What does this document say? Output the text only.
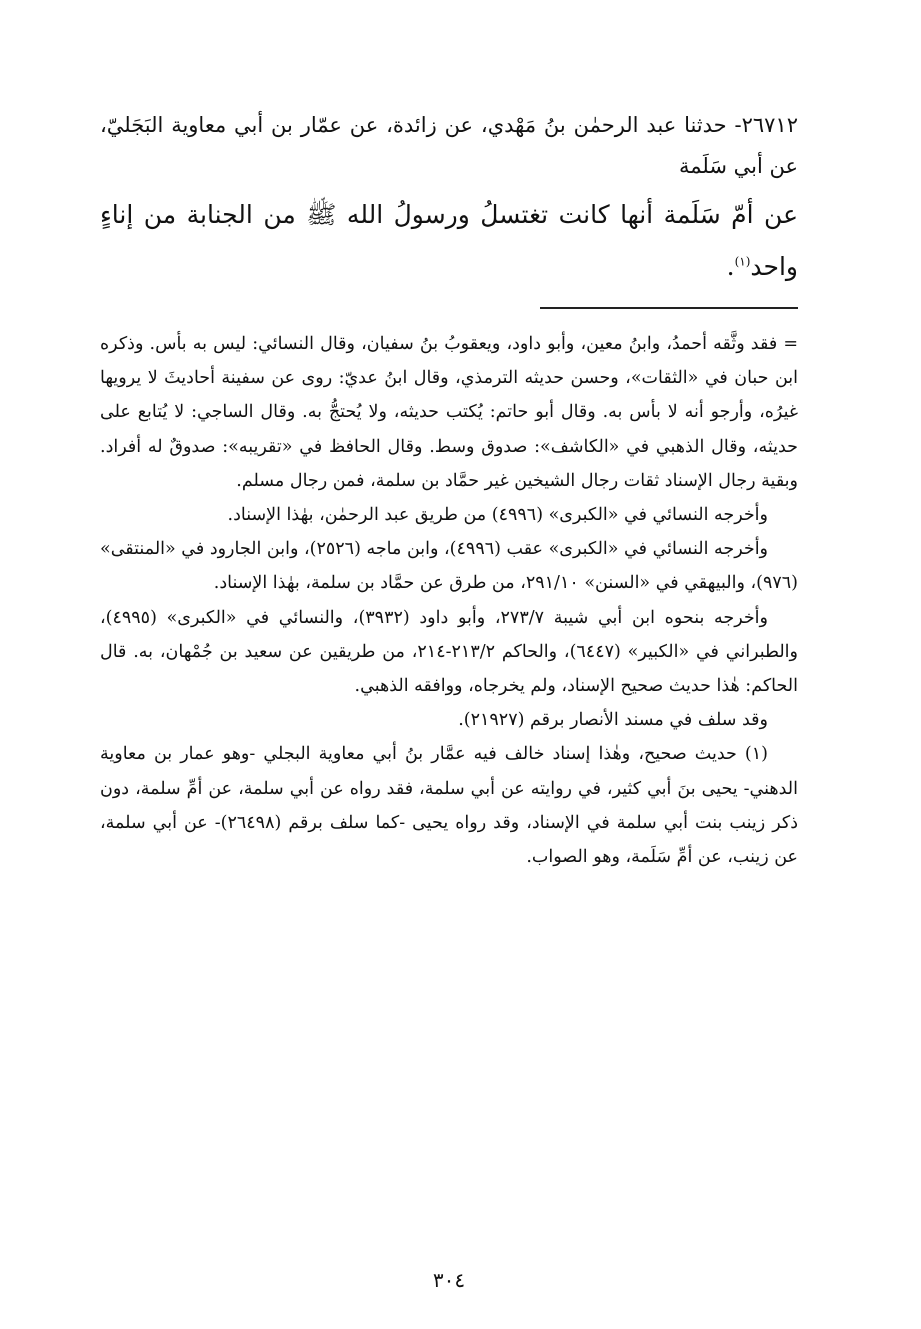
٢٦٧١٢- حدثنا عبد الرحمٰن بنُ مَهْدي، عن زائدة، عن عمّار بن أبي معاوية البَجَليّ، عن أبي سَلَمة

عن أمّ سَلَمة أنها كانت تغتسلُ ورسولُ الله ﷺ من الجنابة من إناءٍ واحد$^{(١)}$.

= فقد وثَّقه أحمدُ، وابنُ معين، وأبو داود، ويعقوبُ بنُ سفيان، وقال النسائي: ليس به بأس. وذكره ابن حبان في «الثقات»، وحسن حديثه الترمذي، وقال ابنُ عديّ: روى عن سفينة أحاديثَ لا يرويها غيرُه، وأرجو أنه لا بأس به. وقال أبو حاتم: يُكتب حديثه، ولا يُحتجُّ به. وقال الساجي: لا يُتابع على حديثه، وقال الذهبي في «الكاشف»: صدوق وسط. وقال الحافظ في «تقريبه»: صدوقٌ له أفراد. وبقية رجال الإسناد ثقات رجال الشيخين غير حمَّاد بن سلمة، فمن رجال مسلم.

وأخرجه النسائي في «الكبرى» (٤٩٩٦) من طريق عبد الرحمٰن، بهٰذا الإسناد.

وأخرجه النسائي في «الكبرى» عقب (٤٩٩٦)، وابن ماجه (٢٥٢٦)، وابن الجارود في «المنتقى» (٩٧٦)، والبيهقي في «السنن» ٢٩١/١٠، من طرق عن حمَّاد بن سلمة، بهٰذا الإسناد.

وأخرجه بنحوه ابن أبي شيبة ٢٧٣/٧، وأبو داود (٣٩٣٢)، والنسائي في «الكبرى» (٤٩٩٥)، والطبراني في «الكبير» (٦٤٤٧)، والحاكم ٢١٣/٢-٢١٤، من طريقين عن سعيد بن جُمْهان، به. قال الحاكم: هٰذا حديث صحيح الإسناد، ولم يخرجاه، ووافقه الذهبي.

وقد سلف في مسند الأنصار برقم (٢١٩٢٧).

(١) حديث صحيح، وهٰذا إسناد خالف فيه عمَّار بنُ أبي معاوية البجلي -وهو عمار بن معاوية الدهني- يحيى بنَ أبي كثير، في روايته عن أبي سلمة، فقد رواه عن أبي سلمة، عن أمِّ سلمة، دون ذكر زينب بنت أبي سلمة في الإسناد، وقد رواه يحيى -كما سلف برقم (٢٦٤٩٨)- عن أبي سلمة، عن زينب، عن أمِّ سَلَمة، وهو الصواب.

٣٠٤
